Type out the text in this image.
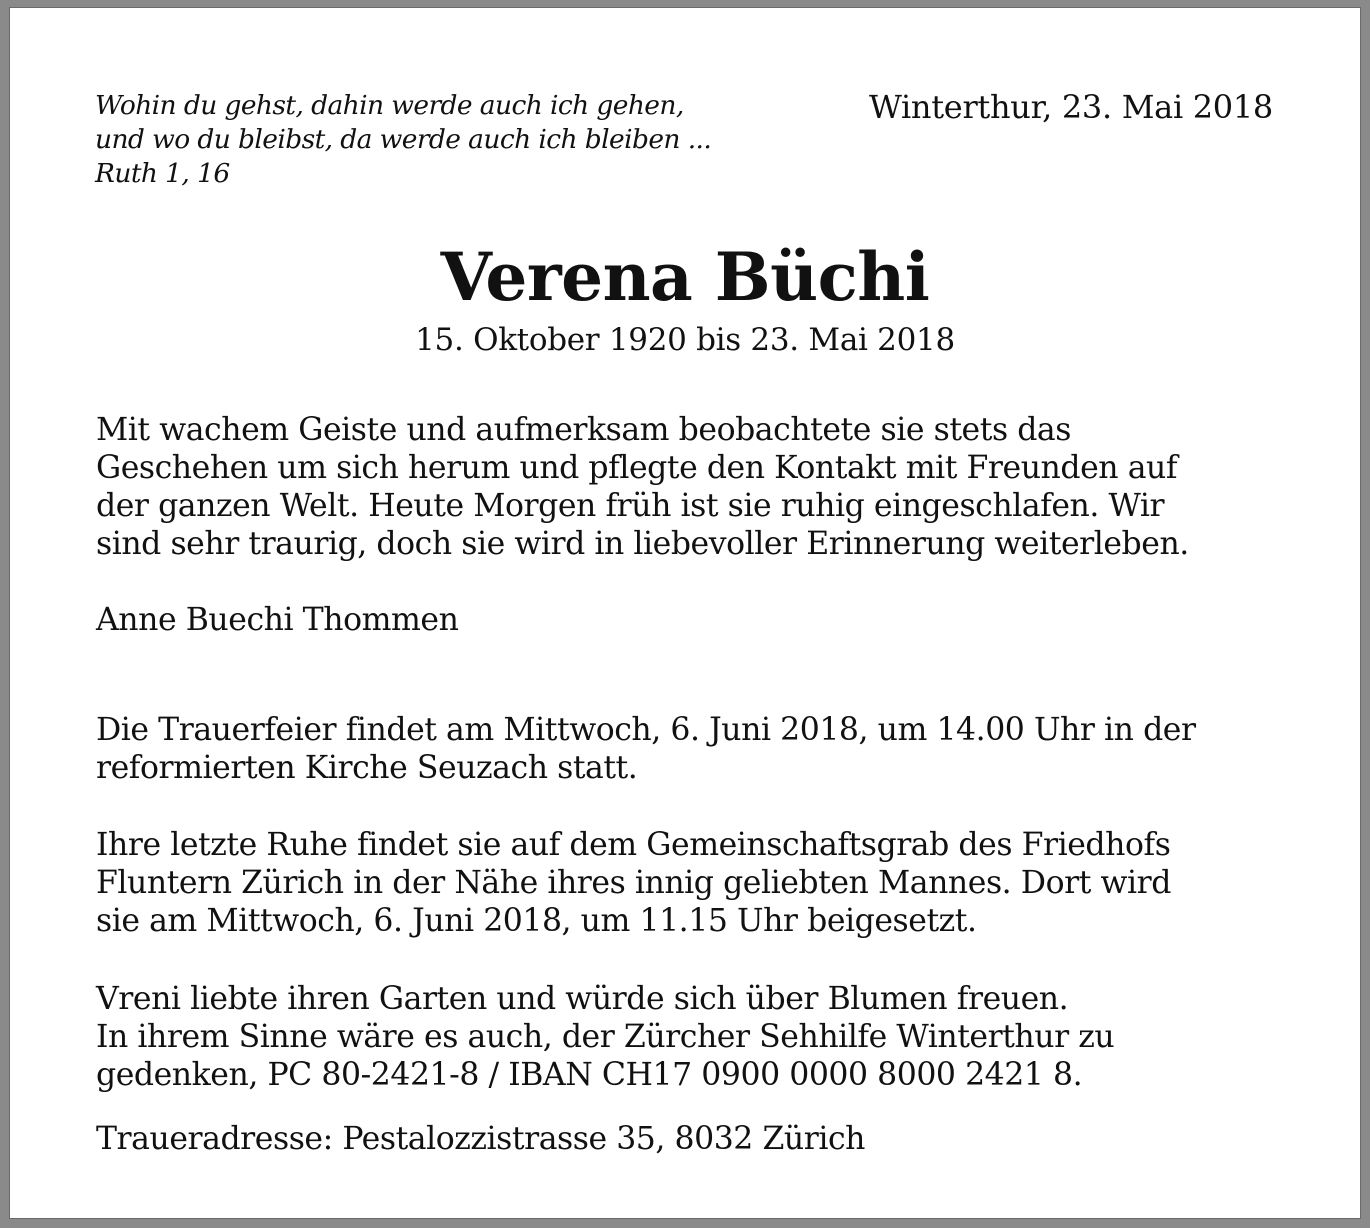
Wohin du gehst, dahin werde auch ich gehen,
und wo du bleibst, da werde auch ich bleiben ...
Ruth 1, 16
Winterthur, 23. Mai 2018
Verena Büchi
15. Oktober 1920 bis 23. Mai 2018
Mit wachem Geiste und aufmerksam beobachtete sie stets das
Geschehen um sich herum und pflegte den Kontakt mit Freunden auf
der ganzen Welt. Heute Morgen früh ist sie ruhig eingeschlafen. Wir
sind sehr traurig, doch sie wird in liebevoller Erinnerung weiterleben.
Anne Buechi Thommen
Die Trauerfeier findet am Mittwoch, 6. Juni 2018, um 14.00 Uhr in der
reformierten Kirche Seuzach statt.
Ihre letzte Ruhe findet sie auf dem Gemeinschaftsgrab des Friedhofs
Fluntern Zürich in der Nähe ihres innig geliebten Mannes. Dort wird
sie am Mittwoch, 6. Juni 2018, um 11.15 Uhr beigesetzt.
Vreni liebte ihren Garten und würde sich über Blumen freuen.
In ihrem Sinne wäre es auch, der Zürcher Sehhilfe Winterthur zu
gedenken, PC 80-2421-8 / IBAN CH17 0900 0000 8000 2421 8.
Traueradresse: Pestalozzistrasse 35, 8032 Zürich
